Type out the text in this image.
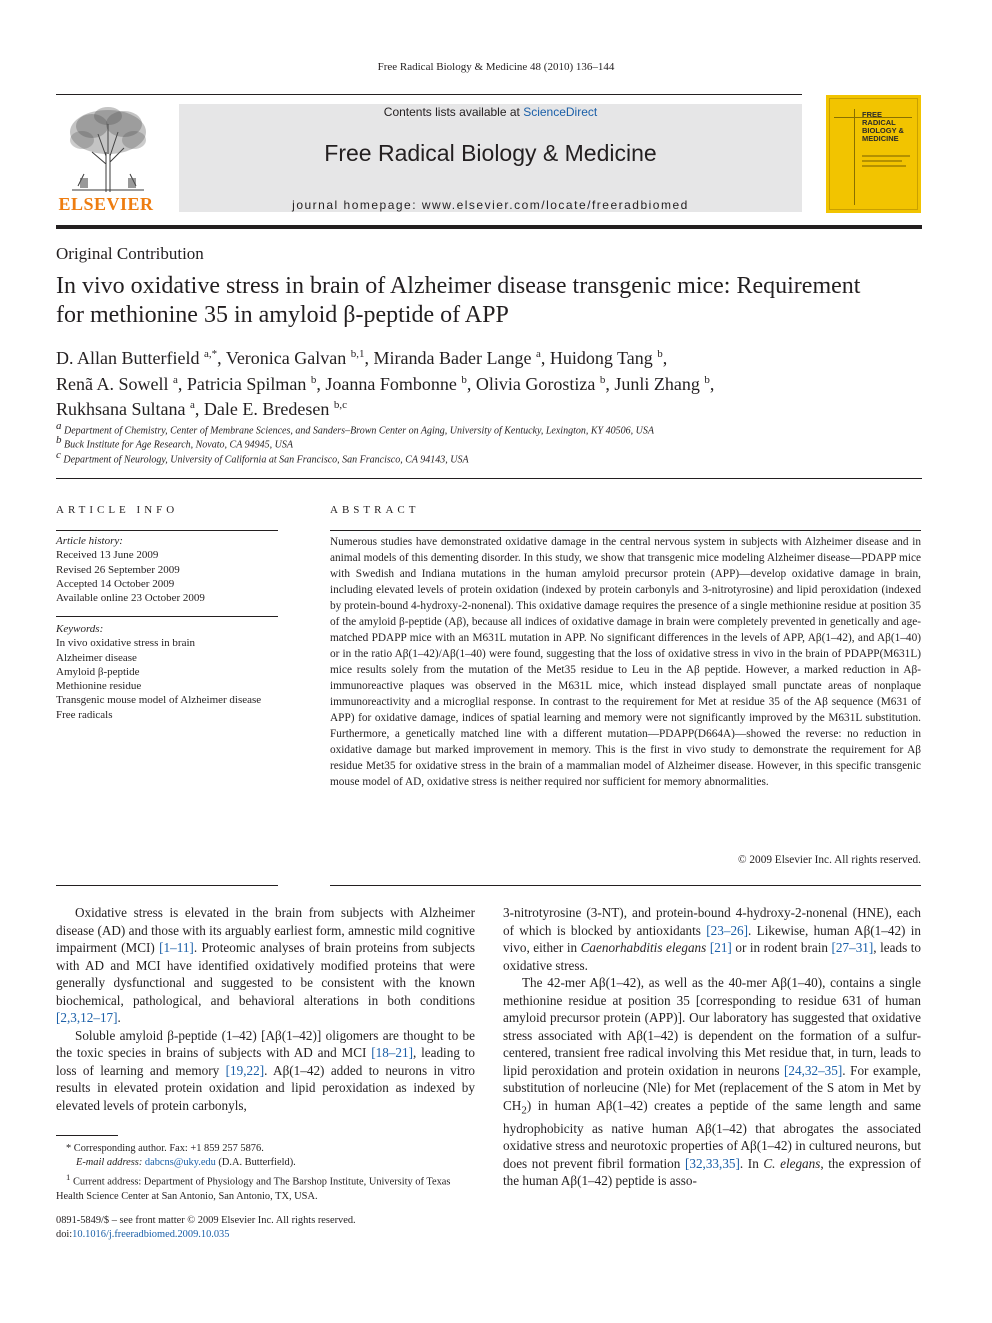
Free Radical Biology & Medicine 48 (2010) 136–144
ELSEVIER
Contents lists available at ScienceDirect
Free Radical Biology & Medicine
journal homepage: www.elsevier.com/locate/freeradbiomed
FREE RADICAL BIOLOGY & MEDICINE
Original Contribution
In vivo oxidative stress in brain of Alzheimer disease transgenic mice: Requirement
for methionine 35 in amyloid β-peptide of APP
D. Allan Butterfield $^{a,*}$, Veronica Galvan $^{b,1}$, Miranda Bader Lange $^a$, Huidong Tang $^b$,
Renã A. Sowell $^a$, Patricia Spilman $^b$, Joanna Fombonne $^b$, Olivia Gorostiza $^b$, Junli Zhang $^b$,
Rukhsana Sultana $^a$, Dale E. Bredesen $^{b,c}$
$^a$ Department of Chemistry, Center of Membrane Sciences, and Sanders–Brown Center on Aging, University of Kentucky, Lexington, KY 40506, USA
$^b$ Buck Institute for Age Research, Novato, CA 94945, USA
$^c$ Department of Neurology, University of California at San Francisco, San Francisco, CA 94143, USA
ARTICLE INFO
Article history:
Received 13 June 2009
Revised 26 September 2009
Accepted 14 October 2009
Available online 23 October 2009
Keywords:
In vivo oxidative stress in brain
Alzheimer disease
Amyloid β-peptide
Methionine residue
Transgenic mouse model of Alzheimer disease
Free radicals
ABSTRACT
Numerous studies have demonstrated oxidative damage in the central nervous system in subjects with Alzheimer disease and in animal models of this dementing disorder. In this study, we show that transgenic mice modeling Alzheimer disease—PDAPP mice with Swedish and Indiana mutations in the human amyloid precursor protein (APP)—develop oxidative damage in brain, including elevated levels of protein oxidation (indexed by protein carbonyls and 3-nitrotyrosine) and lipid peroxidation (indexed by protein-bound 4-hydroxy-2-nonenal). This oxidative damage requires the presence of a single methionine residue at position 35 of the amyloid β-peptide (Aβ), because all indices of oxidative damage in brain were completely prevented in genetically and age-matched PDAPP mice with an M631L mutation in APP. No significant differences in the levels of APP, Aβ(1–42), and Aβ(1–40) or in the ratio Aβ(1–42)/Aβ(1–40) were found, suggesting that the loss of oxidative stress in vivo in the brain of PDAPP(M631L) mice results solely from the mutation of the Met35 residue to Leu in the Aβ peptide. However, a marked reduction in Aβ-immunoreactive plaques was observed in the M631L mice, which instead displayed small punctate areas of nonplaque immunoreactivity and a microglial response. In contrast to the requirement for Met at residue 35 of the Aβ sequence (M631 of APP) for oxidative damage, indices of spatial learning and memory were not significantly improved by the M631L substitution. Furthermore, a genetically matched line with a different mutation—PDAPP(D664A)—showed the reverse: no reduction in oxidative damage but marked improvement in memory. This is the first in vivo study to demonstrate the requirement for Aβ residue Met35 for oxidative stress in the brain of a mammalian model of Alzheimer disease. However, in this specific transgenic mouse model of AD, oxidative stress is neither required nor sufficient for memory abnormalities.
© 2009 Elsevier Inc. All rights reserved.

Oxidative stress is elevated in the brain from subjects with Alzheimer disease (AD) and those with its arguably earliest form, amnestic mild cognitive impairment (MCI) [1–11]. Proteomic analyses of brain proteins from subjects with AD and MCI have identified oxidatively modified proteins that were generally dysfunctional and suggested to be consistent with the known biochemical, pathological, and behavioral alterations in both conditions [2,3,12–17].

Soluble amyloid β-peptide (1–42) [Aβ(1–42)] oligomers are thought to be the toxic species in brains of subjects with AD and MCI [18–21], leading to loss of learning and memory [19,22]. Aβ(1–42) added to neurons in vitro results in elevated protein oxidation and lipid peroxidation as indexed by elevated levels of protein carbonyls,

3-nitrotyrosine (3-NT), and protein-bound 4-hydroxy-2-nonenal (HNE), each of which is blocked by antioxidants [23–26]. Likewise, human Aβ(1–42) in vivo, either in Caenorhabditis elegans [21] or in rodent brain [27–31], leads to oxidative stress.

The 42-mer Aβ(1–42), as well as the 40-mer Aβ(1–40), contains a single methionine residue at position 35 [corresponding to residue 631 of human amyloid precursor protein (APP)]. Our laboratory has suggested that oxidative stress associated with Aβ(1–42) is dependent on the formation of a sulfur-centered, transient free radical involving this Met residue that, in turn, leads to lipid peroxidation and protein oxidation in neurons [24,32–35]. For example, substitution of norleucine (Nle) for Met (replacement of the S atom in Met by $CH_2$) in human Aβ(1–42) creates a peptide of the same length and same hydrophobicity as native human Aβ(1–42) that abrogates the associated oxidative stress and neurotoxic properties of Aβ(1–42) in cultured neurons, but does not prevent fibril formation [32,33,35]. In C. elegans, the expression of the human Aβ(1–42) peptide is asso-

* Corresponding author. Fax: +1 859 257 5876.
E-mail address: dabcns@uky.edu (D.A. Butterfield).
$^1$ Current address: Department of Physiology and The Barshop Institute, University of Texas Health Science Center at San Antonio, San Antonio, TX, USA.
0891-5849/$ – see front matter © 2009 Elsevier Inc. All rights reserved.
doi:10.1016/j.freeradbiomed.2009.10.035
